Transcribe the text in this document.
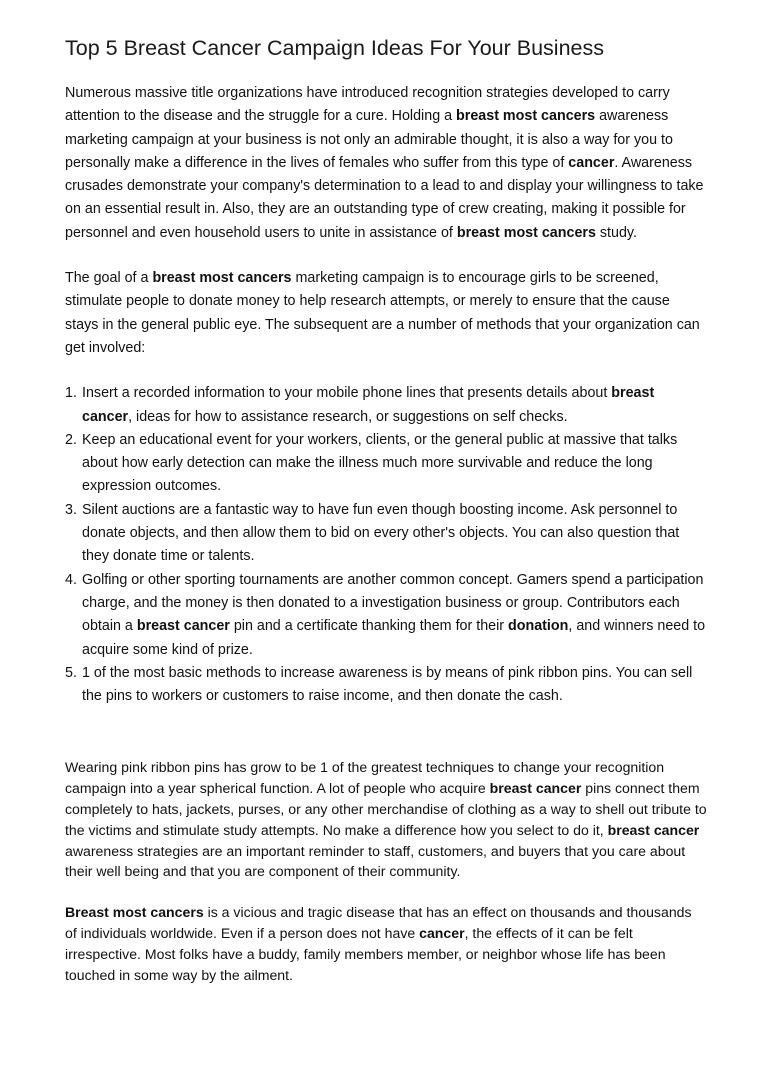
Top 5 Breast Cancer Campaign Ideas For Your Business

Numerous massive title organizations have introduced recognition strategies developed to carry attention to the disease and the struggle for a cure. Holding a breast most cancers awareness marketing campaign at your business is not only an admirable thought, it is also a way for you to personally make a difference in the lives of females who suffer from this type of cancer. Awareness crusades demonstrate your company's determination to a lead to and display your willingness to take on an essential result in. Also, they are an outstanding type of crew creating, making it possible for personnel and even household users to unite in assistance of breast most cancers study.

The goal of a breast most cancers marketing campaign is to encourage girls to be screened, stimulate people to donate money to help research attempts, or merely to ensure that the cause stays in the general public eye. The subsequent are a number of methods that your organization can get involved:

1. Insert a recorded information to your mobile phone lines that presents details about breast cancer, ideas for how to assistance research, or suggestions on self checks.
2. Keep an educational event for your workers, clients, or the general public at massive that talks about how early detection can make the illness much more survivable and reduce the long expression outcomes.
3. Silent auctions are a fantastic way to have fun even though boosting income. Ask personnel to donate objects, and then allow them to bid on every other's objects. You can also question that they donate time or talents.
4. Golfing or other sporting tournaments are another common concept. Gamers spend a participation charge, and the money is then donated to a investigation business or group. Contributors each obtain a breast cancer pin and a certificate thanking them for their donation, and winners need to acquire some kind of prize.
5. 1 of the most basic methods to increase awareness is by means of pink ribbon pins. You can sell the pins to workers or customers to raise income, and then donate the cash.

Wearing pink ribbon pins has grow to be 1 of the greatest techniques to change your recognition campaign into a year spherical function. A lot of people who acquire breast cancer pins connect them completely to hats, jackets, purses, or any other merchandise of clothing as a way to shell out tribute to the victims and stimulate study attempts. No make a difference how you select to do it, breast cancer awareness strategies are an important reminder to staff, customers, and buyers that you care about their well being and that you are component of their community.

Breast most cancers is a vicious and tragic disease that has an effect on thousands and thousands of individuals worldwide. Even if a person does not have cancer, the effects of it can be felt irrespective. Most folks have a buddy, family members member, or neighbor whose life has been touched in some way by the ailment.
